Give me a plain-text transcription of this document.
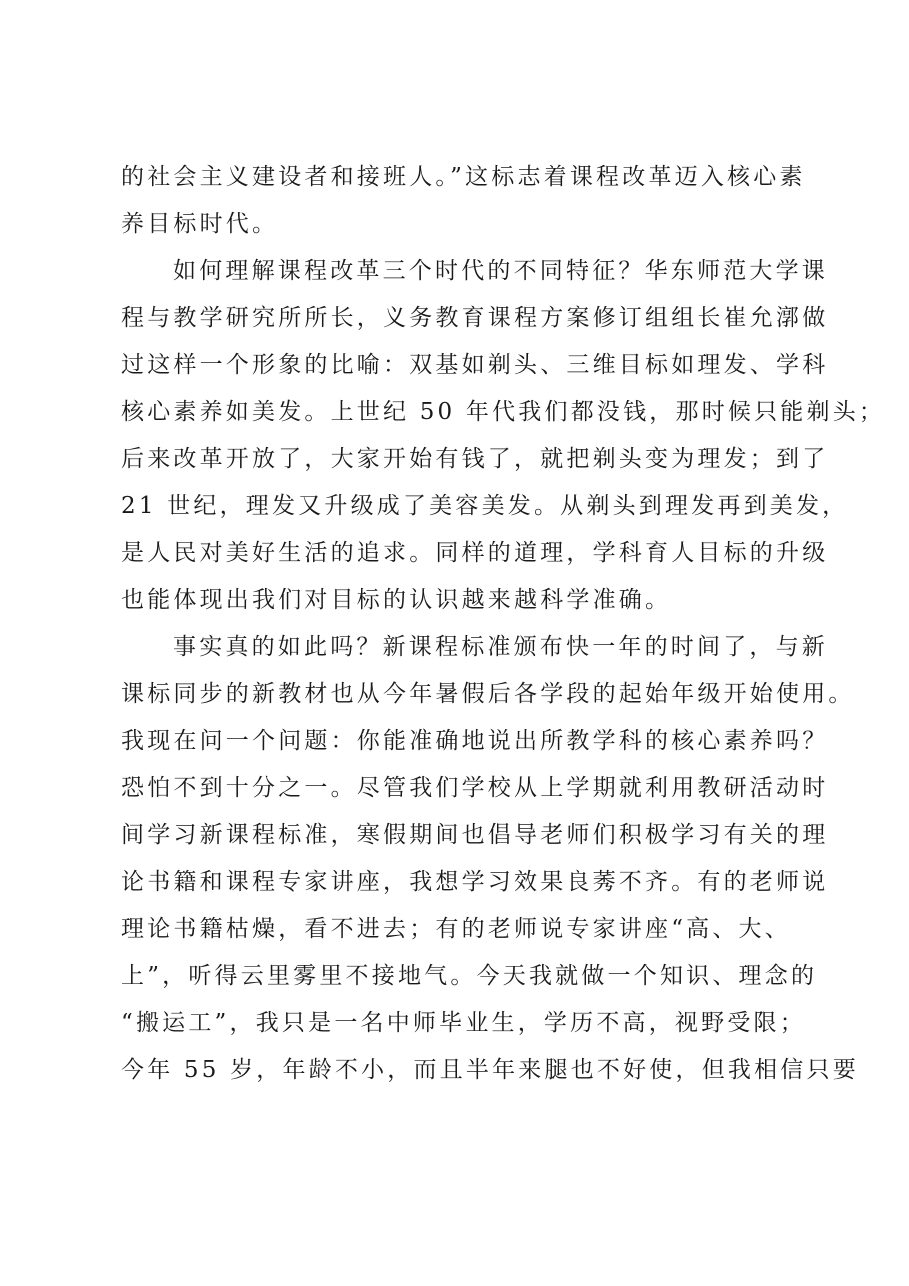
的社会主义建设者和接班人。”这标志着课程改革迈入核心素
养目标时代。
如何理解课程改革三个时代的不同特征？华东师范大学课
程与教学研究所所长，义务教育课程方案修订组组长崔允漷做
过这样一个形象的比喻：双基如剃头、三维目标如理发、学科
核心素养如美发。上世纪 50 年代我们都没钱，那时候只能剃头；
后来改革开放了，大家开始有钱了，就把剃头变为理发；到了
21 世纪，理发又升级成了美容美发。从剃头到理发再到美发，
是人民对美好生活的追求。同样的道理，学科育人目标的升级
也能体现出我们对目标的认识越来越科学准确。
事实真的如此吗？新课程标准颁布快一年的时间了，与新
课标同步的新教材也从今年暑假后各学段的起始年级开始使用。
我现在问一个问题：你能准确地说出所教学科的核心素养吗？
恐怕不到十分之一。尽管我们学校从上学期就利用教研活动时
间学习新课程标准，寒假期间也倡导老师们积极学习有关的理
论书籍和课程专家讲座，我想学习效果良莠不齐。有的老师说
理论书籍枯燥，看不进去；有的老师说专家讲座“高、大、
上”，听得云里雾里不接地气。今天我就做一个知识、理念的
“搬运工”，我只是一名中师毕业生，学历不高，视野受限；
今年 55 岁，年龄不小，而且半年来腿也不好使，但我相信只要
